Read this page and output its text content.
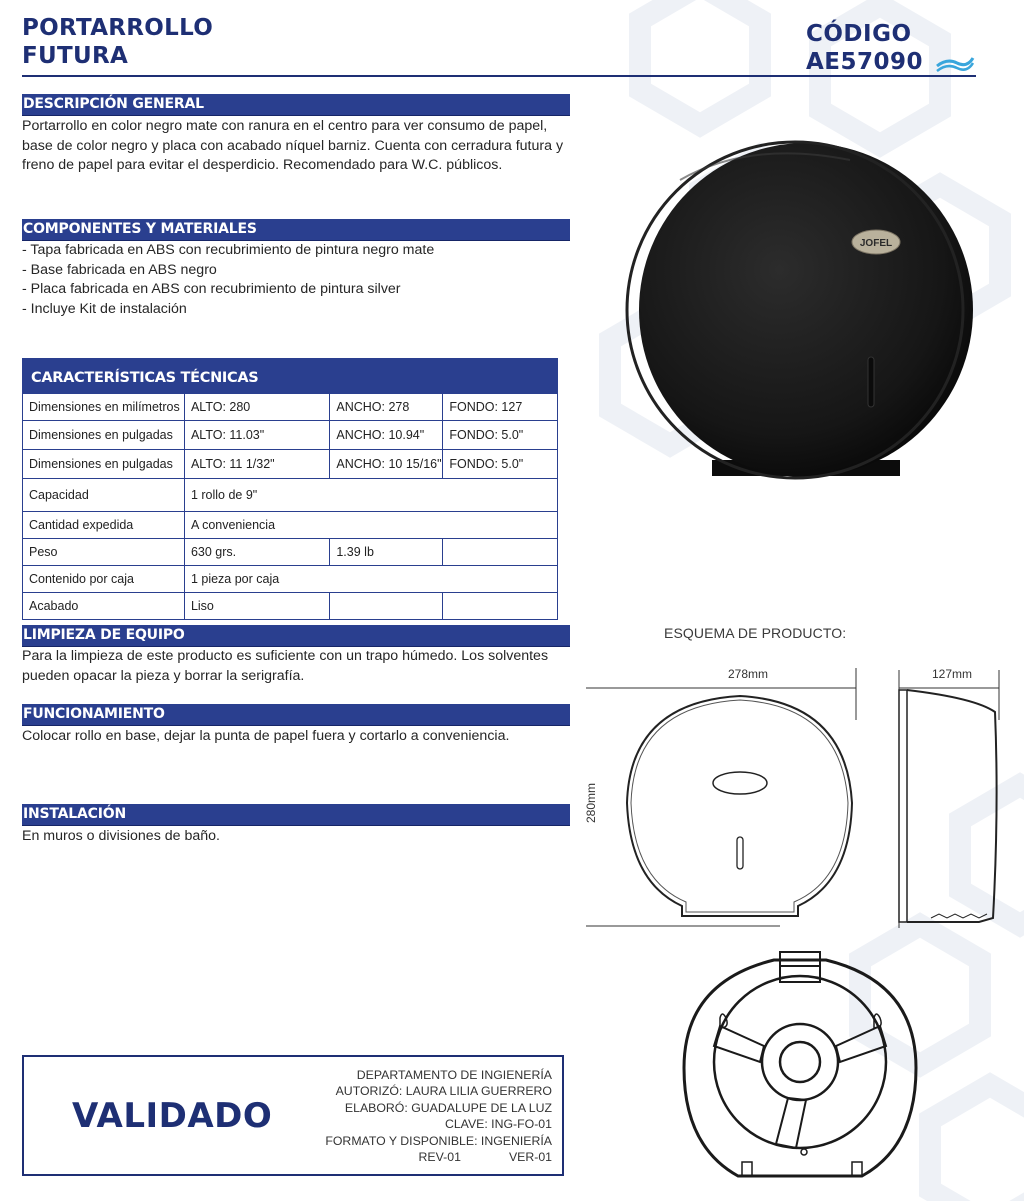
PORTARROLLO
FUTURA
CÓDIGO
AE57090
DESCRIPCIÓN GENERAL
Portarrollo en color negro mate con ranura en el centro para ver consumo de papel,
base de color negro y placa con acabado níquel barniz. Cuenta con cerradura futura y
freno de papel para evitar el desperdicio. Recomendado para W.C. públicos.
COMPONENTES Y MATERIALES
- Tapa fabricada en ABS con recubrimiento de pintura negro mate
- Base fabricada en ABS negro
- Placa fabricada en ABS con recubrimiento de pintura silver
- Incluye Kit de instalación
CARACTERÍSTICAS TÉCNICAS			
Dimensiones en milímetros	ALTO: 280	ANCHO: 278	FONDO: 127
Dimensiones en pulgadas	ALTO: 11.03"	ANCHO: 10.94"	FONDO: 5.0"
Dimensiones en pulgadas	ALTO: 11 1/32"	ANCHO: 10 15/16"	FONDO: 5.0"
Capacidad	1 rollo de 9"		
Cantidad expedida	A conveniencia		
Peso	630 grs.	1.39 lb	
Contenido por caja	1 pieza por caja		
Acabado	Liso		
LIMPIEZA DE EQUIPO
Para la limpieza de este producto es suficiente con un trapo húmedo. Los solventes
pueden opacar la pieza y borrar la serigrafía.
FUNCIONAMIENTO
Colocar rollo en base, dejar la punta de papel fuera y cortarlo a conveniencia.
INSTALACIÓN
En muros o divisiones de baño.
JOFEL
ESQUEMA DE PRODUCTO:
278mm
280mm
127mm
VALIDADO
DEPARTAMENTO DE INGIENERÍA
AUTORIZÓ: LAURA LILIA GUERRERO
ELABORÓ: GUADALUPE DE LA LUZ
CLAVE: ING-FO-01
FORMATO Y DISPONIBLE: INGENIERÍA
REV-01	VER-01
